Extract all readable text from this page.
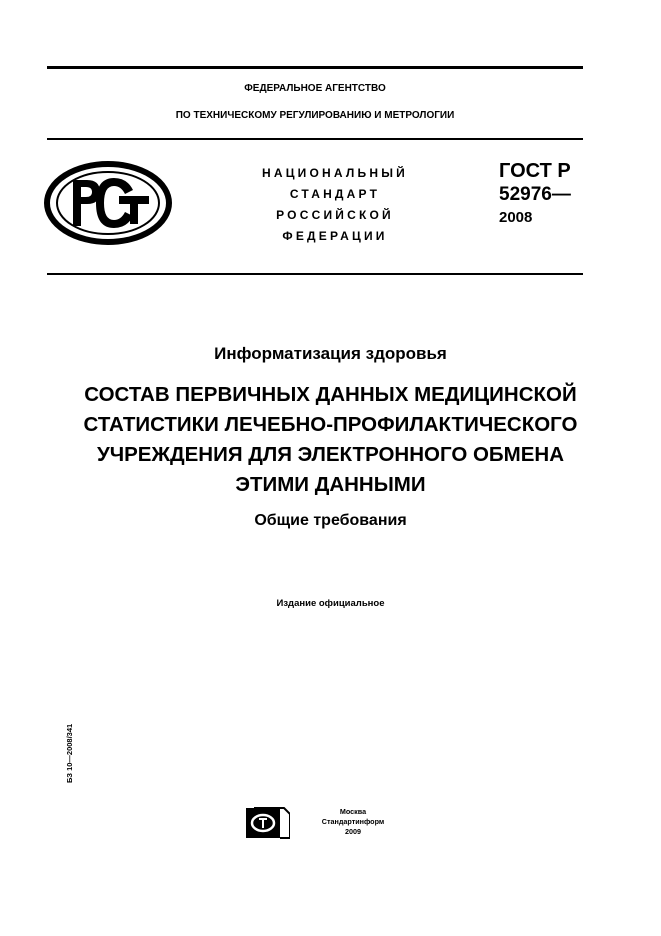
ФЕДЕРАЛЬНОЕ АГЕНТСТВО
ПО ТЕХНИЧЕСКОМУ РЕГУЛИРОВАНИЮ И МЕТРОЛОГИИ
НАЦИОНАЛЬНЫЙ
СТАНДАРТ
РОССИЙСКОЙ
ФЕДЕРАЦИИ
ГОСТ Р
52976—
2008
Информатизация здоровья
СОСТАВ ПЕРВИЧНЫХ ДАННЫХ МЕДИЦИНСКОЙ
СТАТИСТИКИ ЛЕЧЕБНО-ПРОФИЛАКТИЧЕСКОГО
УЧРЕЖДЕНИЯ ДЛЯ ЭЛЕКТРОННОГО ОБМЕНА
ЭТИМИ ДАННЫМИ
Общие требования
Издание официальное
БЗ 10—2008/341
Москва
Стандартинформ
2009
